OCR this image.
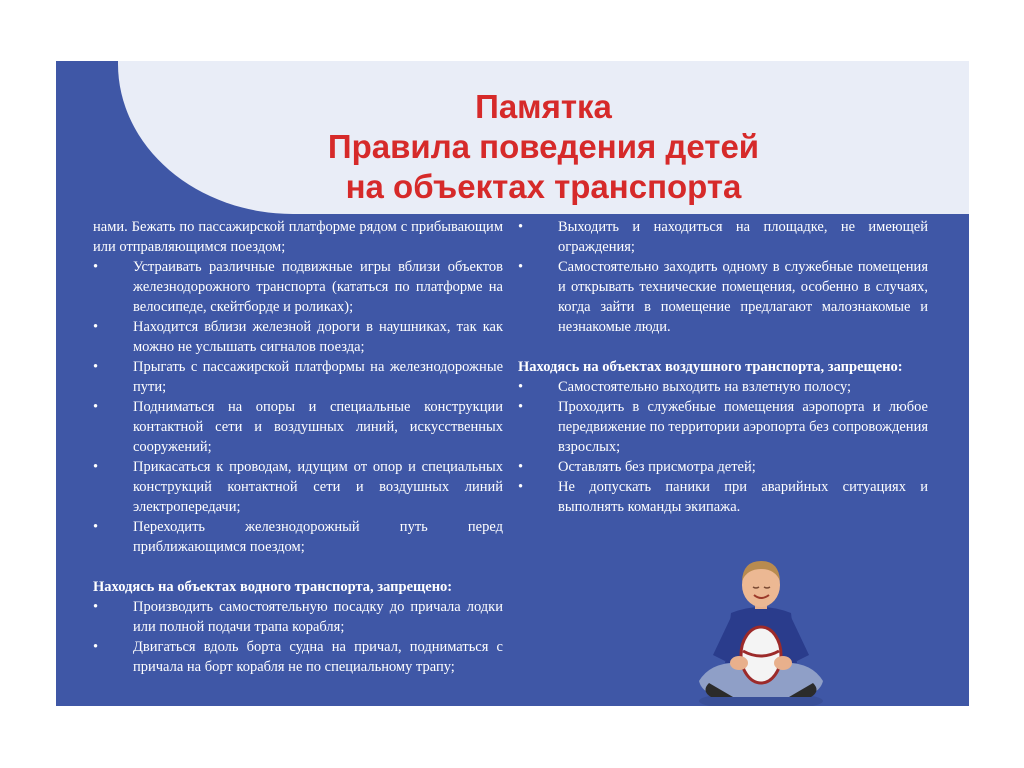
Памятка
Правила поведения детей
на объектах транспорта

нами. Бежать по пассажирской платформе рядом с прибывающим или отправляющимся поездом;

• Устраивать различные подвижные игры вблизи объектов железнодорожного транспорта (кататься по платформе на велосипеде, скейтборде и роликах);

• Находится вблизи железной дороги в наушниках, так как можно не услышать сигналов поезда;

• Прыгать с пассажирской платформы на железнодорожные пути;

• Подниматься на опоры и специальные конструкции контактной сети и воздушных линий, искусственных сооружений;

• Прикасаться к проводам, идущим от опор и специальных конструкций контактной сети и воздушных линий электропередачи;

• Переходить железнодорожный путь перед приближающимся поездом;

Находясь на объектах водного транспорта, запрещено:

• Производить самостоятельную посадку до причала лодки или полной подачи трапа корабля;

• Двигаться вдоль борта судна на причал, подниматься с причала на борт корабля не по специальному трапу;

• Выходить и находиться на площадке, не имеющей ограждения;

• Самостоятельно заходить одному в служебные помещения и открывать технические помещения, особенно в случаях, когда зайти в помещение предлагают малознакомые и незнакомые люди.

Находясь на объектах воздушного транспорта, запрещено:

• Самостоятельно выходить на взлетную полосу;

• Проходить в служебные помещения аэропорта и любое передвижение по территории аэропорта без сопровождения взрослых;

• Оставлять без присмотра детей;

• Не допускать паники при аварийных ситуациях и выполнять команды экипажа.
